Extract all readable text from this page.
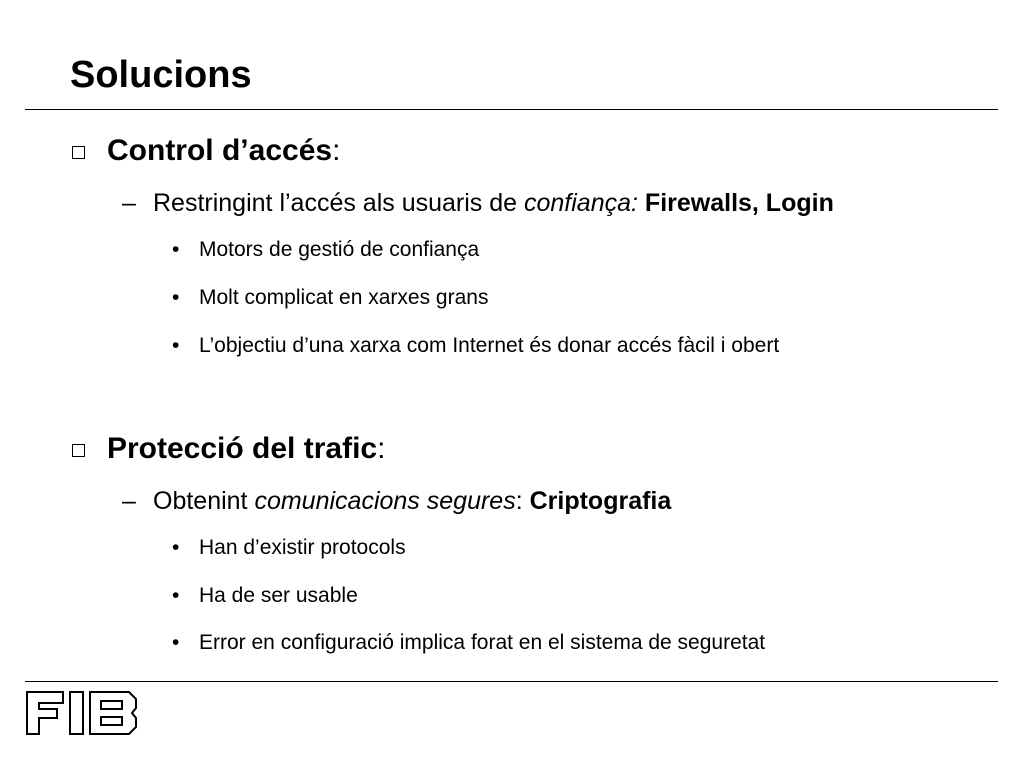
Solucions
Control d’accés:
– Restringint l’accés als usuaris de confiança: Firewalls, Login
• Motors de gestió de confiança
• Molt complicat en xarxes grans
• L’objectiu d’una xarxa com Internet és donar accés fàcil i obert
Protecció del trafic:
– Obtenint comunicacions segures: Criptografia
• Han d’existir protocols
• Ha de ser usable
• Error en configuració implica forat en el sistema de seguretat
